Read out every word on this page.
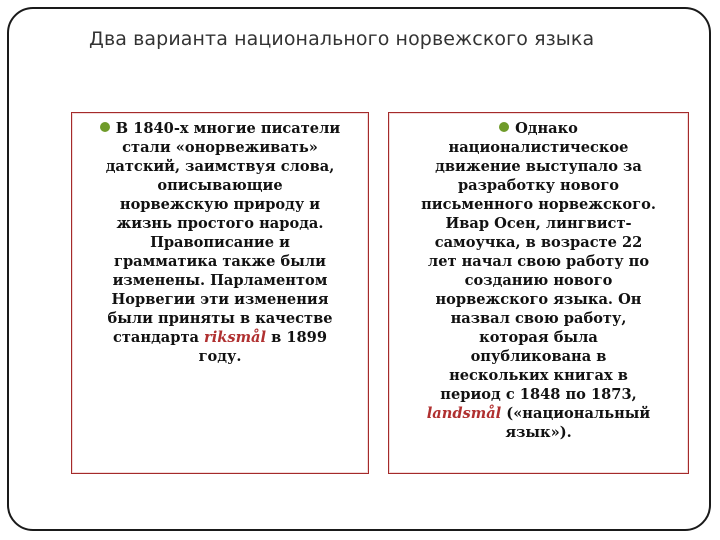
Два варианта национального норвежского языка
В 1840-х многие писатели
стали «онорвеживать»
датский, заимствуя слова,
описывающие
норвежскую природу и
жизнь простого народа.
Правописание и
грамматика также были
изменены. Парламентом
Норвегии эти изменения
были приняты в качестве
стандарта riksmål в 1899
году.
Однако
националистическое
движение выступало за
разработку нового
письменного норвежского.
Ивар Осен, лингвист-
самоучка, в возрасте 22
лет начал свою работу по
созданию нового
норвежского языка. Он
назвал свою работу,
которая была
опубликована в
нескольких книгах в
период с 1848 по 1873,
landsmål («национальный
язык»).
